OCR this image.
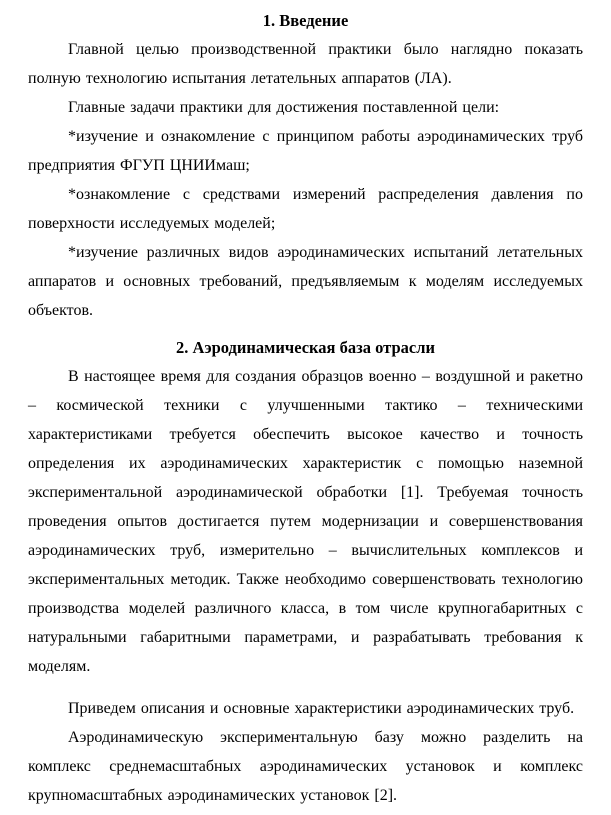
1. Введение

Главной целью производственной практики было наглядно показать полную технологию испытания летательных аппаратов (ЛА).

Главные задачи практики для достижения поставленной цели:

*изучение и ознакомление с принципом работы аэродинамических труб предприятия ФГУП ЦНИИмаш;

*ознакомление с средствами измерений распределения давления по поверхности исследуемых моделей;

*изучение различных видов аэродинамических испытаний летательных аппаратов и основных требований, предъявляемым к моделям исследуемых объектов.

2. Аэродинамическая база отрасли

В настоящее время для создания образцов военно – воздушной и ракетно – космической техники с улучшенными тактико – техническими характеристиками требуется обеспечить высокое качество и точность определения их аэродинамических характеристик с помощью наземной экспериментальной аэродинамической обработки [1]. Требуемая точность проведения опытов достигается путем модернизации и совершенствования аэродинамических труб, измерительно – вычислительных комплексов и экспериментальных методик. Также необходимо совершенствовать технологию производства моделей различного класса, в том числе крупногабаритных с натуральными габаритными параметрами, и разрабатывать требования к моделям.

Приведем описания и основные характеристики аэродинамических труб.

Аэродинамическую экспериментальную базу можно разделить на комплекс среднемасштабных аэродинамических установок и комплекс крупномасштабных аэродинамических установок [2].
